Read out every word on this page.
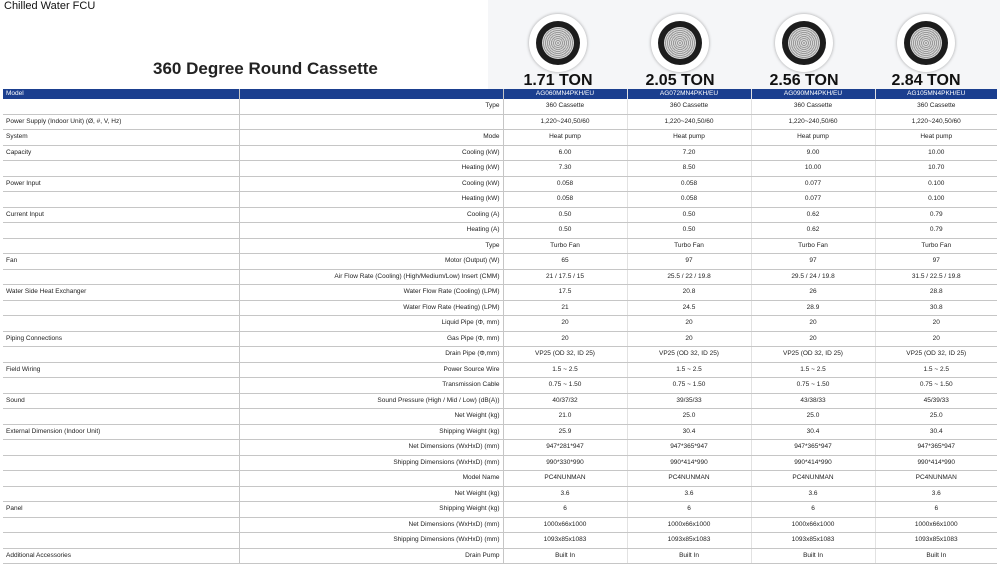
Chilled Water FCU
360 Degree Round Cassette
1.71 TON	2.05 TON	2.56 TON	2.84 TON
Model		AG060MN4PKH/EU	AG072MN4PKH/EU	AG090MN4PKH/EU	AG105MN4PKH/EU
	Type	360 Cassette	360 Cassette	360 Cassette	360 Cassette
Power Supply (Indoor Unit) (Ø, #, V, Hz)		1,220~240,50/60	1,220~240,50/60	1,220~240,50/60	1,220~240,50/60
System	Mode	Heat pump	Heat pump	Heat pump	Heat pump
Capacity	Cooling (kW)	6.00	7.20	9.00	10.00
	Heating (kW)	7.30	8.50	10.00	10.70
Power Input	Cooling (kW)	0.058	0.058	0.077	0.100
	Heating (kW)	0.058	0.058	0.077	0.100
Current Input	Cooling (A)	0.50	0.50	0.62	0.79
	Heating (A)	0.50	0.50	0.62	0.79
	Type	Turbo Fan	Turbo Fan	Turbo Fan	Turbo Fan
Fan	Motor (Output) (W)	65	97	97	97
	Air Flow Rate (Cooling) (High/Medium/Low) Insert (CMM)	21 / 17.5 / 15	25.5 / 22 / 19.8	29.5 / 24 / 19.8	31.5 / 22.5 / 19.8
Water Side Heat Exchanger	Water Flow Rate (Cooling) (LPM)	17.5	20.8	26	28.8
	Water Flow Rate (Heating) (LPM)	21	24.5	28.9	30.8
	Liquid Pipe (Φ, mm)	20	20	20	20
Piping Connections	Gas Pipe (Φ, mm)	20	20	20	20
	Drain Pipe (Φ,mm)	VP25 (OD 32, ID 25)	VP25 (OD 32, ID 25)	VP25 (OD 32, ID 25)	VP25 (OD 32, ID 25)
Field Wiring	Power Source Wire	1.5 ~ 2.5	1.5 ~ 2.5	1.5 ~ 2.5	1.5 ~ 2.5
	Transmission Cable	0.75 ~ 1.50	0.75 ~ 1.50	0.75 ~ 1.50	0.75 ~ 1.50
Sound	Sound Pressure (High / Mid / Low) (dB(A))	40/37/32	39/35/33	43/38/33	45/39/33
	Net Weight (kg)	21.0	25.0	25.0	25.0
External Dimension (Indoor Unit)	Shipping Weight (kg)	25.9	30.4	30.4	30.4
	Net Dimensions (WxHxD) (mm)	947*281*947	947*365*947	947*365*947	947*365*947
	Shipping Dimensions (WxHxD) (mm)	990*330*990	990*414*990	990*414*990	990*414*990
	Model Name	PC4NUNMAN	PC4NUNMAN	PC4NUNMAN	PC4NUNMAN
	Net Weight (kg)	3.6	3.6	3.6	3.6
Panel	Shipping Weight (kg)	6	6	6	6
	Net Dimensions (WxHxD) (mm)	1000x66x1000	1000x66x1000	1000x66x1000	1000x66x1000
	Shipping Dimensions (WxHxD) (mm)	1093x85x1083	1093x85x1083	1093x85x1083	1093x85x1083
Additional Accessories	Drain Pump	Built In	Built In	Built In	Built In
